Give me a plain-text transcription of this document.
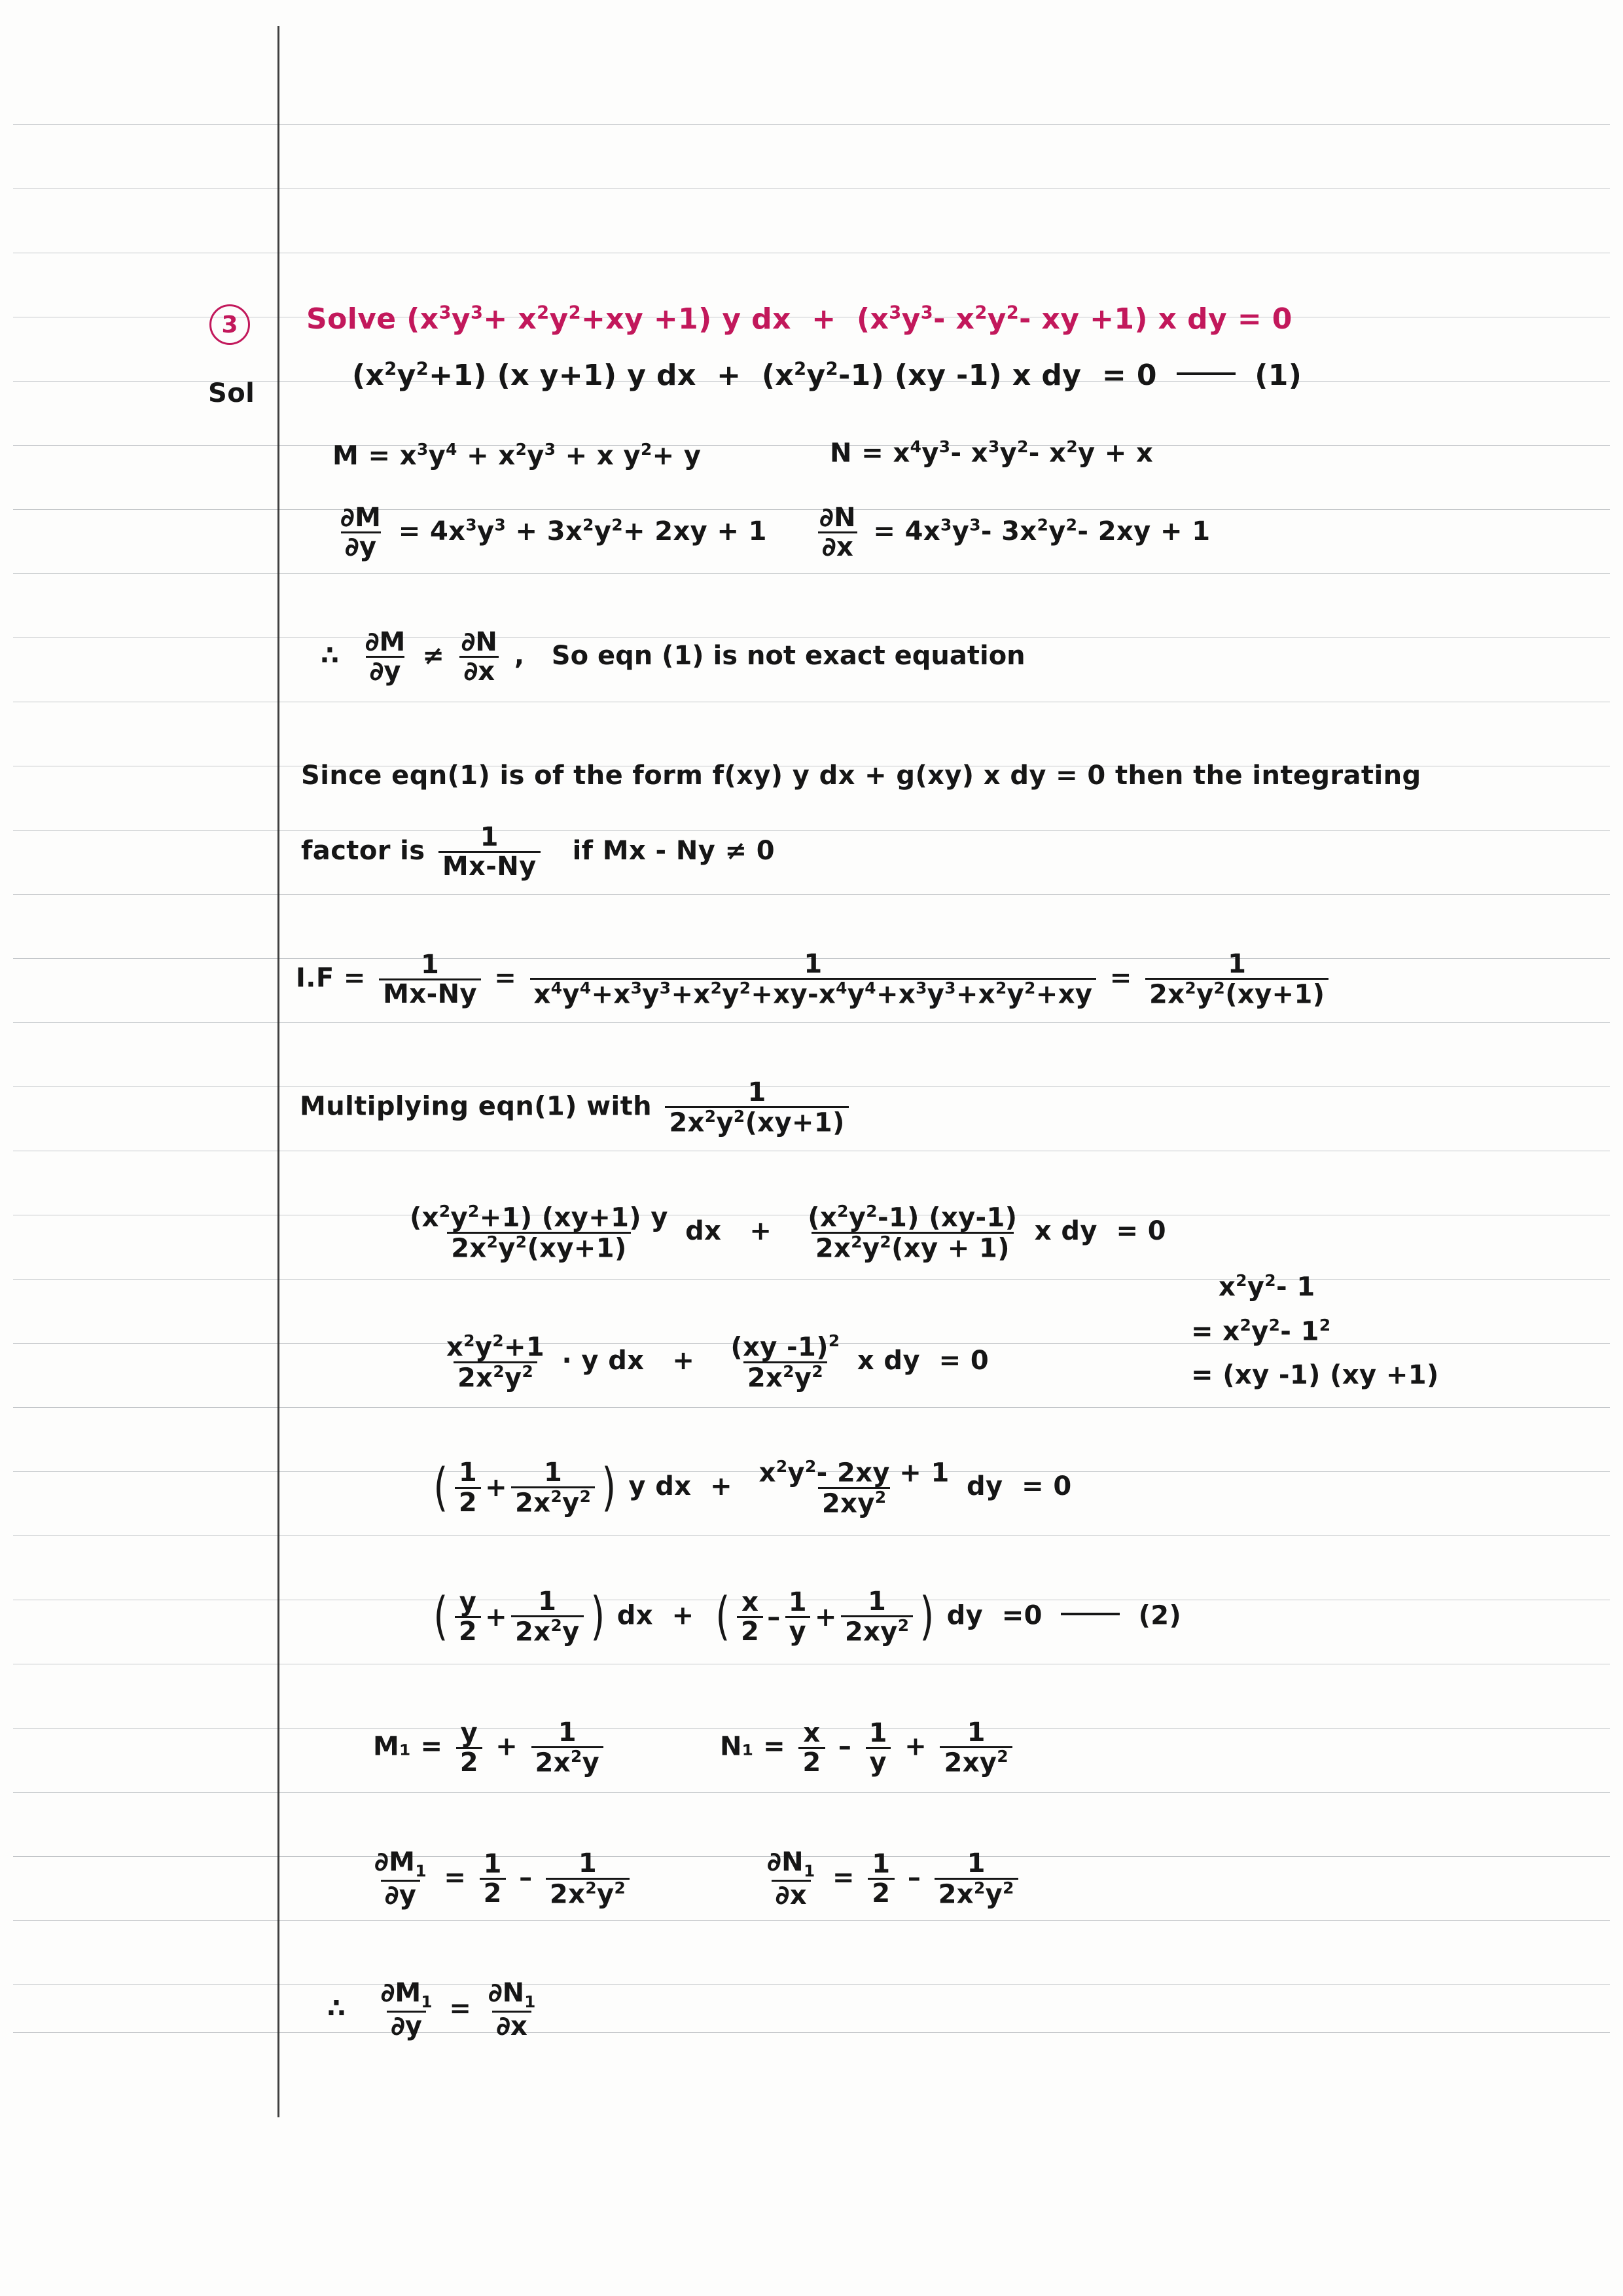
3	Solve $(x^3y^3+ x^2y^2+xy +1)$ y dx  +  ($x^3y^3-$ $x^2y^2-$ xy +1) x dy = 0
Sol
$(x^2y^2+1)$ (x y+1) y dx  +  $(x^2y^2-1)$ (xy -1) x dy  = 0	(1)
$M = x^3y^4 + x^2y^3 + x$ $y^2+ y$	$N = x^4y^3-$ $x^3y^2-$ $x^2y + x$
$\frac{\partial M}{\partial y} = 4x^3y^3 + 3x^2y^2+ 2xy + 1 \frac{\partial N}{\partial x} = 4x^3y^3-$ $3x^2y^2-$ 2xy + 1
∴ $\frac{\partial M}{\partial y} \ne \frac{\partial N}{\partial x}$ ,   So eqn (1) is not exact equation
Since eqn(1) is of the form f(xy) y dx + g(xy) x dy = 0 then the integrating
factor is $\frac{1}{Mx-Ny}$ if Mx - Ny ≠ 0
$I.F = \frac{1}{Mx-Ny} = \frac{1}{x^4y^4+x^3y^3+x^2y^2+xy-x^4y^4+x^3y^3+x^2y^2+xy} = \frac{1}{2x^2y^2(xy+1)}$
Multiplying eqn(1) with $\frac{1}{2x^2y^2(xy+1)}$
$\frac{(x^2y^2+1) (xy+1) y}{2x^2y^2(xy+1)}$ dx   + $\frac{(x^2y^2-1) (xy-1)}{2x^2y^2(xy + 1)}$ x dy  = 0
$x^2y^2-$ 1
= $x^2y^2-$ $1^2$
= (xy -1) (xy +1)
$\frac{x^2y^2+1}{2x^2y^2} \cdot y$ dx   + $\frac{(xy -1)^2}{2x^2y^2}$ x dy  = 0
( $\frac{1}{2} + \frac{1}{2x^2y^2}$ ) y dx  + $\frac{x^2y^2- 2xy + 1}{2xy^2}$ dy  = 0
( $\frac{y}{2} + \frac{1}{2x^2y}$ ) dx  + ( $\frac{x}{2} - \frac{1}{y} + \frac{1}{2xy^2}$ ) dy  =0	(2)
$M_1 = \frac{y}{2} + \frac{1}{2x^2y}$	$N_1 = \frac{x}{2} - \frac{1}{y} + \frac{1}{2xy^2}$
$\frac{\partial M_1}{\partial y} = \frac{1}{2} - \frac{1}{2x^2y^2}$	$\frac{\partial N_1}{\partial x} = \frac{1}{2} - \frac{1}{2x^2y^2}$
∴ $\frac{\partial M_1}{\partial y} = \frac{\partial N_1}{\partial x}$
